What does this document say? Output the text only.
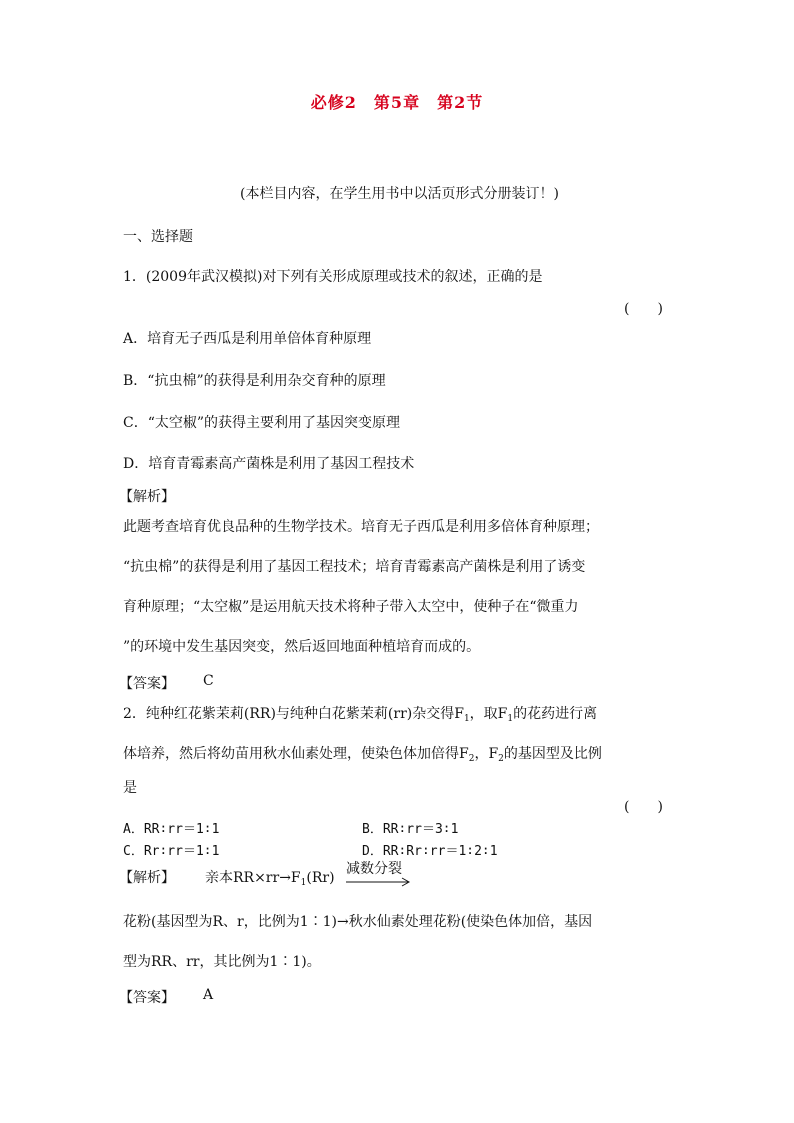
必修2　第5章　第2节
(本栏目内容，在学生用书中以活页形式分册装订！)
一、选择题
1．(2009年武汉模拟)对下列有关形成原理或技术的叙述，正确的是
(　　)
A．培育无子西瓜是利用单倍体育种原理
B．“抗虫棉”的获得是利用杂交育种的原理
C．“太空椒”的获得主要利用了基因突变原理
D．培育青霉素高产菌株是利用了基因工程技术
【解析】
此题考查培育优良品种的生物学技术。培育无子西瓜是利用多倍体育种原理；
“抗虫棉”的获得是利用了基因工程技术；培育青霉素高产菌株是利用了诱变
育种原理；“太空椒”是运用航天技术将种子带入太空中，使种子在“微重力
”的环境中发生基因突变，然后返回地面种植培育而成的。
【答案】 C
2．纯种红花紫茉莉(RR)与纯种白花紫茉莉(rr)杂交得$F_1$，取$F_1$的花药进行离
体培养，然后将幼苗用秋水仙素处理，使染色体加倍得$F_2$，$F_2$的基因型及比例
是
(　　)
A．RR∶rr＝1∶1	B．RR∶rr＝3∶1
C．Rr∶rr＝1∶1	D．RR∶Rr∶rr＝1∶2∶1
【解析】 亲本$RR\times rr\to F_1(Rr)$
减数分裂
花粉(基因型为R、r，比例为1∶1)→秋水仙素处理花粉(使染色体加倍，基因
型为RR、rr，其比例为1∶1)。
【答案】 A
